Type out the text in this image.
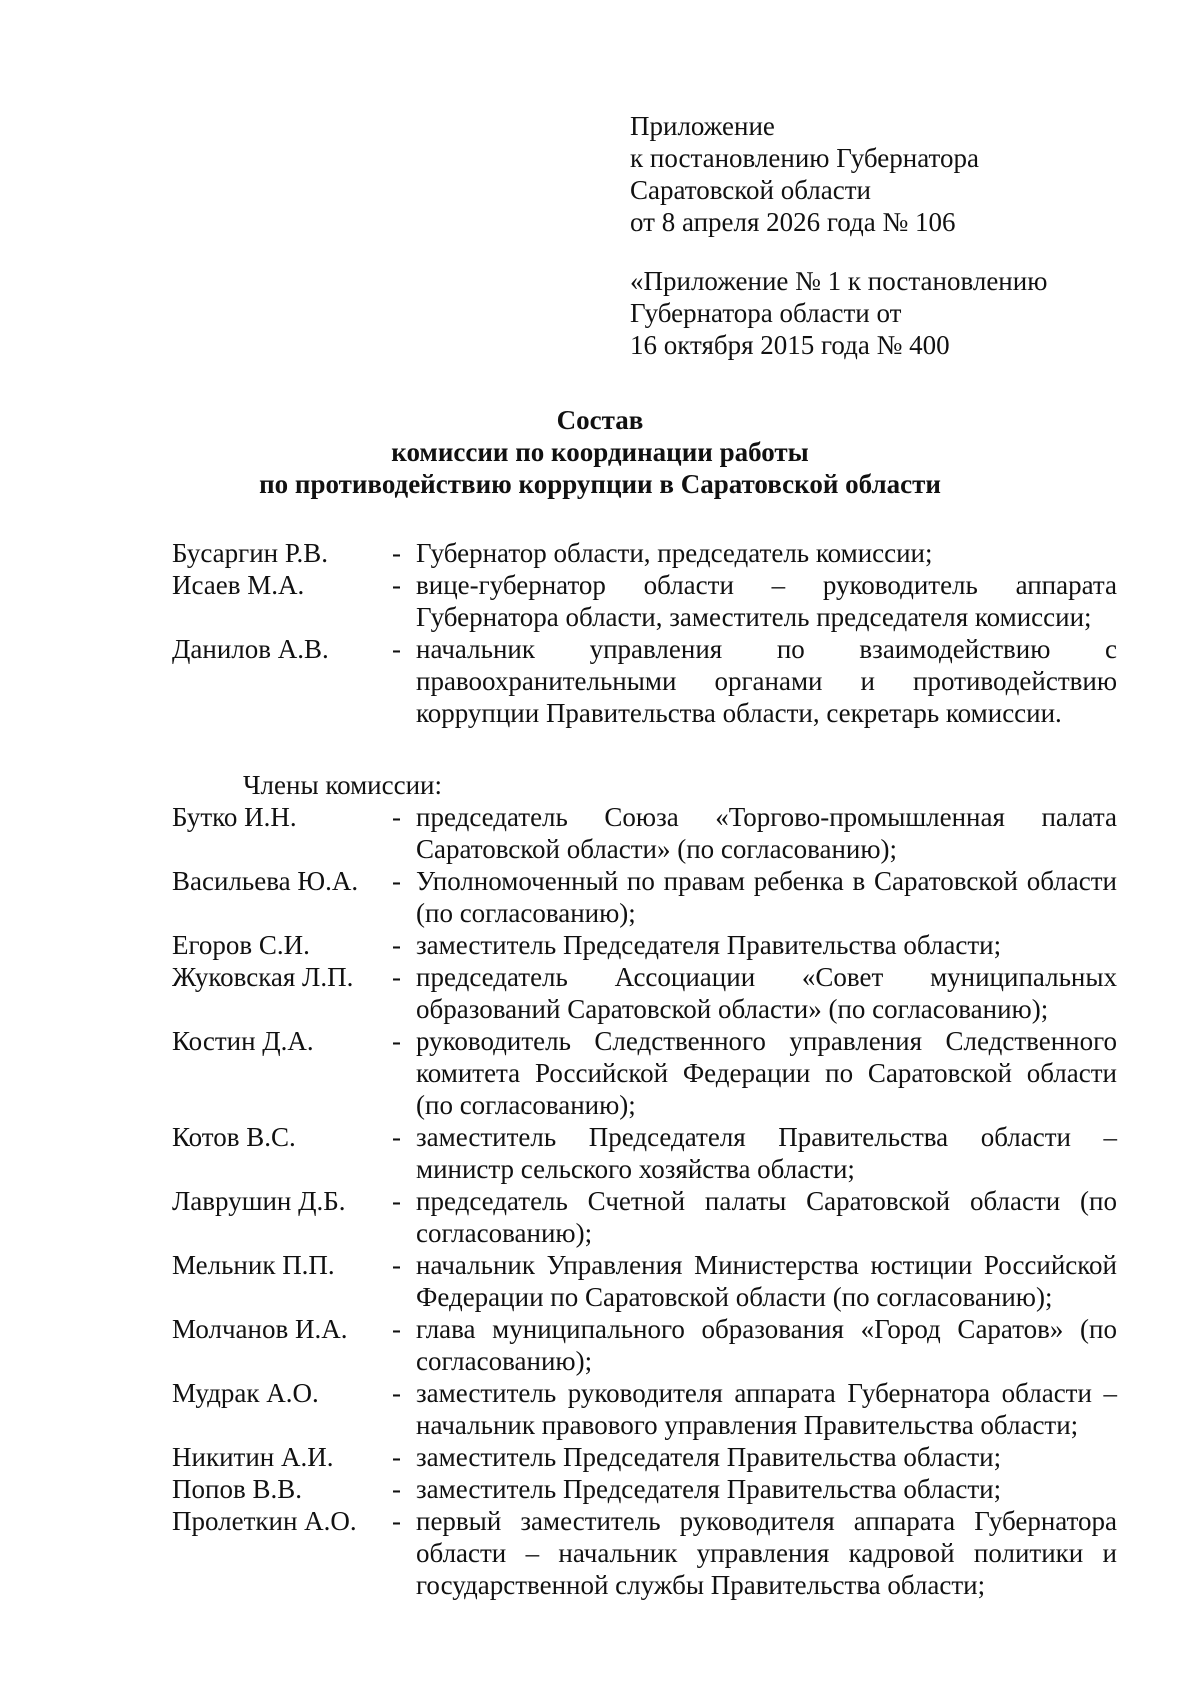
Приложение
к постановлению Губернатора
Саратовской области
от 8 апреля 2026 года № 106
«Приложение № 1 к постановлению
Губернатора области от
16 октября 2015 года № 400
Состав
комиссии по координации работы
по противодействию коррупции в Саратовской области
Бусаргин Р.В.	- Губернатор области, председатель комиссии;
Исаев М.А.	- вице-губернатор области – руководитель аппарата Губернатора области, заместитель председателя комиссии;
Данилов А.В.	- начальник управления по взаимодействию с правоохранительными органами и противодействию коррупции Правительства области, секретарь комиссии.
Члены комиссии:
Бутко И.Н.	- председатель Союза «Торгово-промышленная палата Саратовской области» (по согласованию);
Васильева Ю.А.	- Уполномоченный по правам ребенка в Саратовской области (по согласованию);
Егоров С.И.	- заместитель Председателя Правительства области;
Жуковская Л.П.	- председатель Ассоциации «Совет муниципальных образований Саратовской области» (по согласованию);
Костин Д.А.	- руководитель Следственного управления Следственного комитета Российской Федерации по Саратовской области (по согласованию);
Котов В.С.	- заместитель Председателя Правительства области – министр сельского хозяйства области;
Лаврушин Д.Б.	- председатель Счетной палаты Саратовской области (по согласованию);
Мельник П.П.	- начальник Управления Министерства юстиции Российской Федерации по Саратовской области (по согласованию);
Молчанов И.А.	- глава муниципального образования «Город Саратов» (по согласованию);
Мудрак А.О.	- заместитель руководителя аппарата Губернатора области – начальник правового управления Правительства области;
Никитин А.И.	- заместитель Председателя Правительства области;
Попов В.В.	- заместитель Председателя Правительства области;
Пролеткин А.О.	- первый заместитель руководителя аппарата Губернатора области – начальник управления кадровой политики и государственной службы Правительства области;
